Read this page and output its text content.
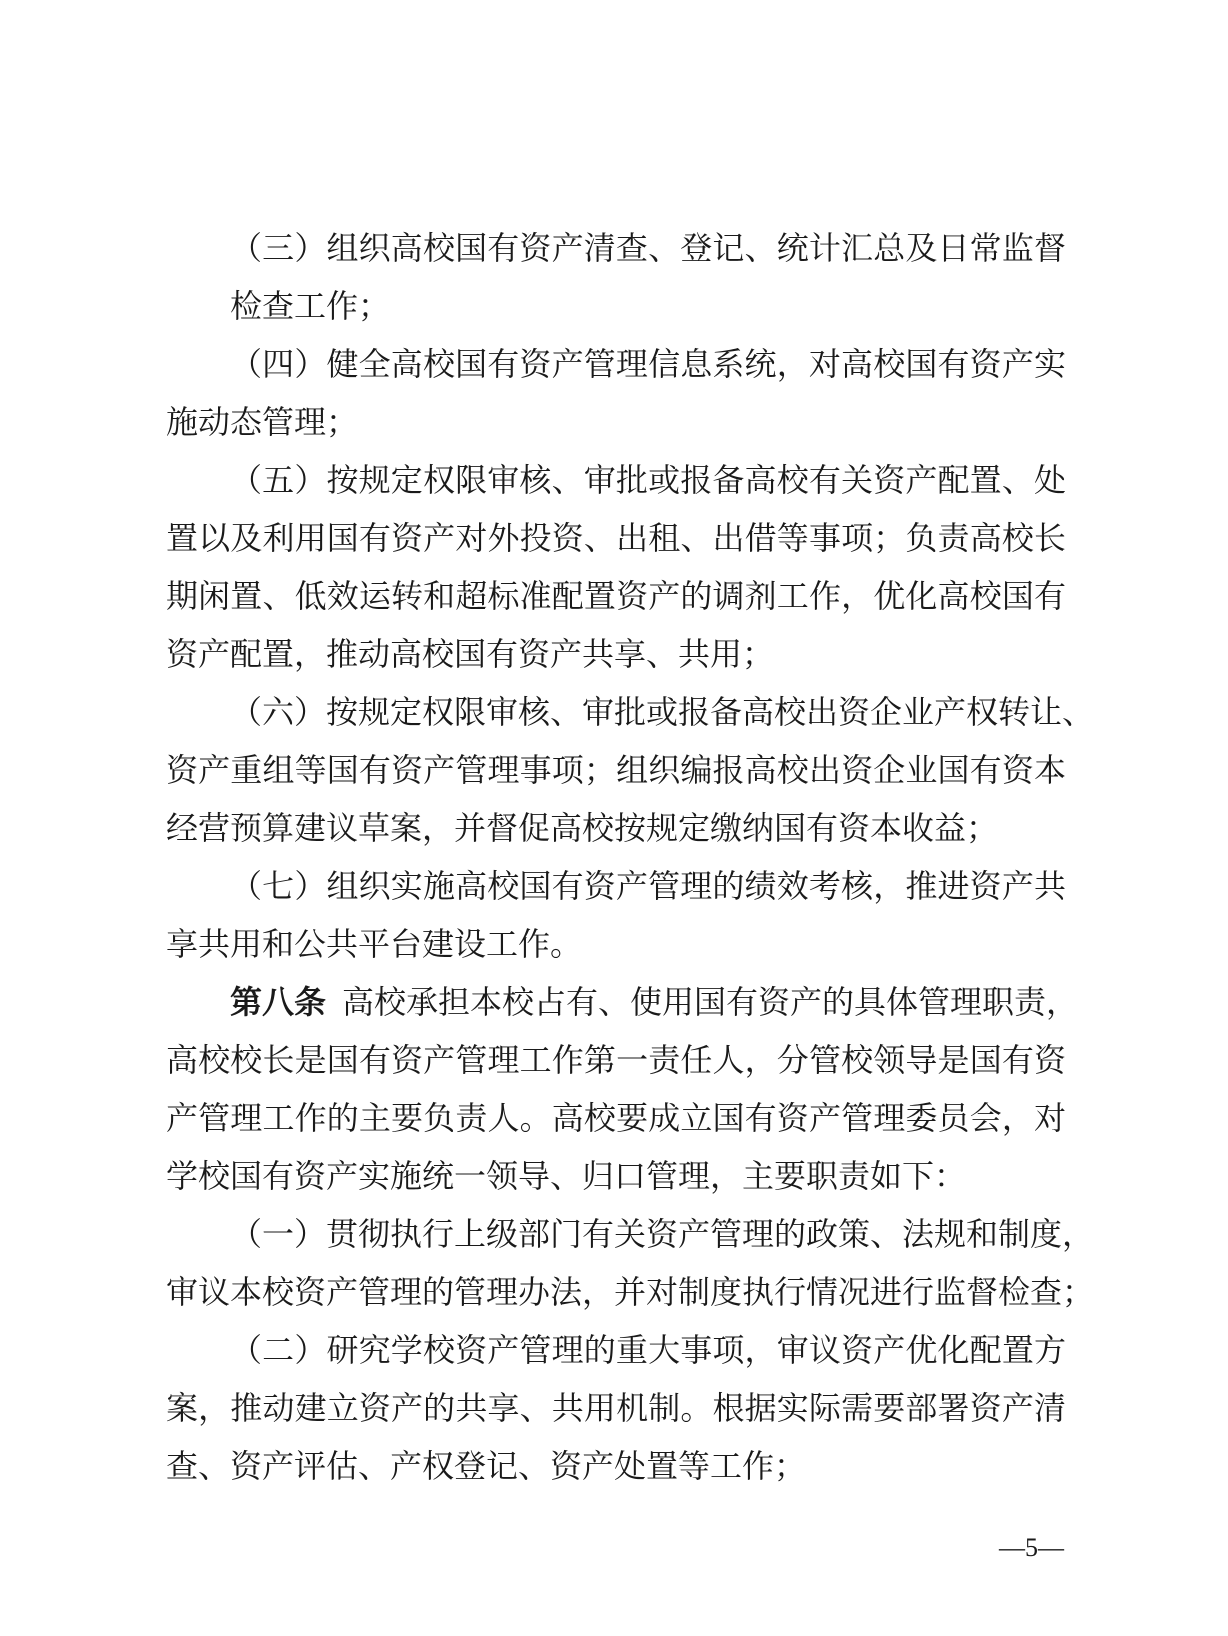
（三）组织高校国有资产清查、登记、统计汇总及日常监督
检查工作；
（四）健全高校国有资产管理信息系统，对高校国有资产实
施动态管理；
（五）按规定权限审核、审批或报备高校有关资产配置、处
置以及利用国有资产对外投资、出租、出借等事项；负责高校长
期闲置、低效运转和超标准配置资产的调剂工作，优化高校国有
资产配置，推动高校国有资产共享、共用；
（六）按规定权限审核、审批或报备高校出资企业产权转让、
资产重组等国有资产管理事项；组织编报高校出资企业国有资本
经营预算建议草案，并督促高校按规定缴纳国有资本收益；
（七）组织实施高校国有资产管理的绩效考核，推进资产共
享共用和公共平台建设工作。
第八条  高校承担本校占有、使用国有资产的具体管理职责，
高校校长是国有资产管理工作第一责任人，分管校领导是国有资
产管理工作的主要负责人。高校要成立国有资产管理委员会，对
学校国有资产实施统一领导、归口管理，主要职责如下：
（一）贯彻执行上级部门有关资产管理的政策、法规和制度，
审议本校资产管理的管理办法，并对制度执行情况进行监督检查；
（二）研究学校资产管理的重大事项，审议资产优化配置方
案，推动建立资产的共享、共用机制。根据实际需要部署资产清
查、资产评估、产权登记、资产处置等工作；
—5—
